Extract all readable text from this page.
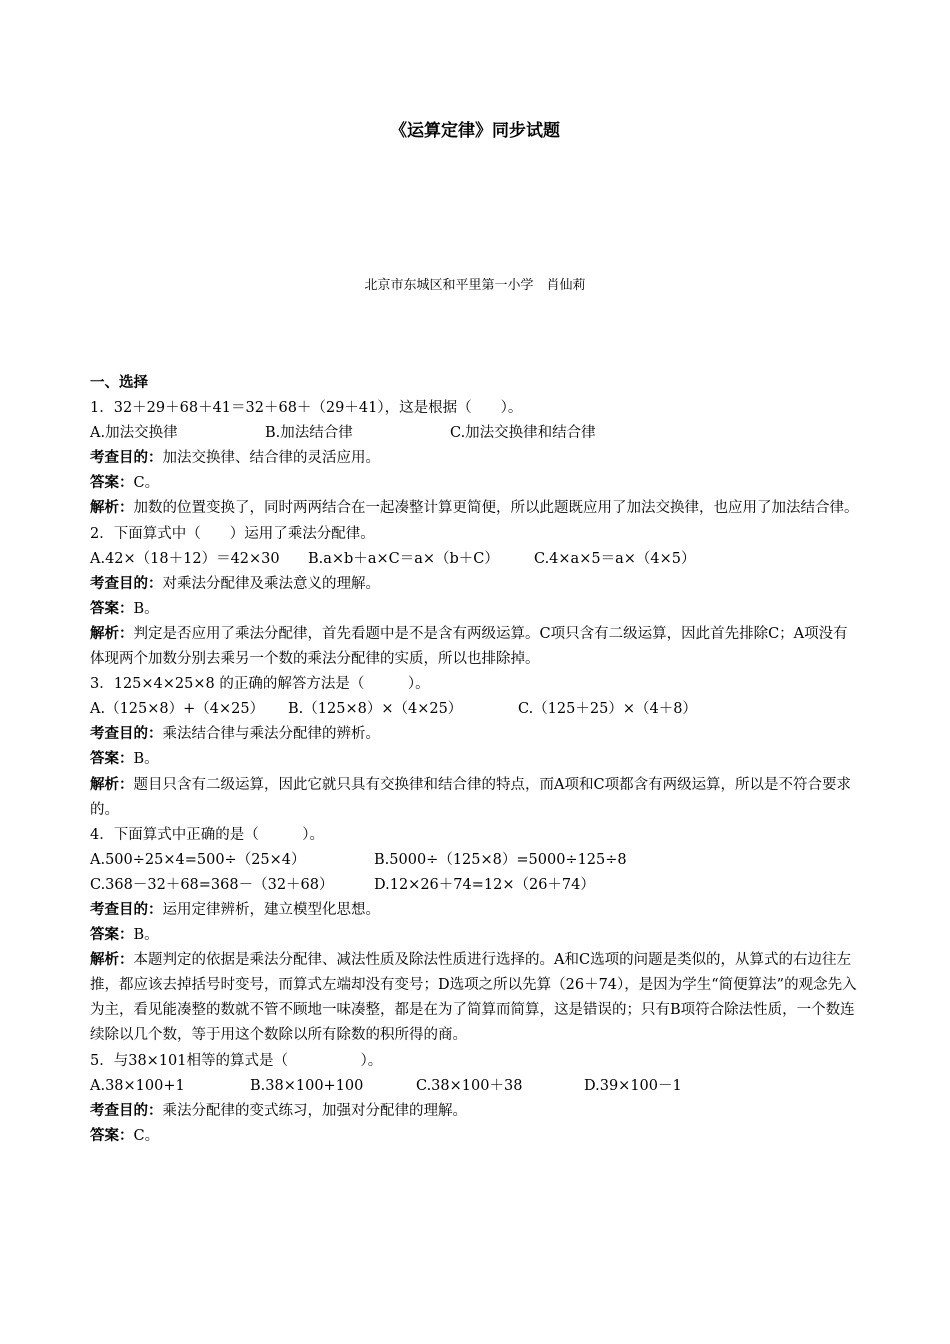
《运算定律》同步试题
北京市东城区和平里第一小学　肖仙莉
一、选择
1．32＋29＋68＋41＝32＋68＋（29＋41），这是根据（　　）。
A.加法交换律	B.加法结合律	C.加法交换律和结合律
考查目的：加法交换律、结合律的灵活应用。
答案：C。
解析：加数的位置变换了，同时两两结合在一起凑整计算更简便，所以此题既应用了加法交换律，也应用了加法结合律。
2．下面算式中（　　）运用了乘法分配律。
A.42×（18＋12）＝42×30 B.a×b＋a×C＝a×（b＋C） C.4×a×5＝a×（4×5）
考查目的：对乘法分配律及乘法意义的理解。
答案：B。
解析：判定是否应用了乘法分配律，首先看题中是不是含有两级运算。C项只含有二级运算，因此首先排除C；A项没有体现两个加数分别去乘另一个数的乘法分配律的实质，所以也排除掉。
3．125×4×25×8 的正确的解答方法是（　　　）。
A.（125×8）+（4×25） B.（125×8）×（4×25）	C.（125＋25）×（4＋8）
考查目的：乘法结合律与乘法分配律的辨析。
答案：B。
解析：题目只含有二级运算，因此它就只具有交换律和结合律的特点，而A项和C项都含有两级运算，所以是不符合要求的。
4．下面算式中正确的是（　　　）。
A.500÷25×4=500÷（25×4）	B.5000÷（125×8）=5000÷125÷8
C.368－32＋68=368－（32＋68）	D.12×26＋74=12×（26＋74）
考查目的：运用定律辨析，建立模型化思想。
答案：B。
解析：本题判定的依据是乘法分配律、减法性质及除法性质进行选择的。A和C选项的问题是类似的，从算式的右边往左推，都应该去掉括号时变号，而算式左端却没有变号；D选项之所以先算（26＋74），是因为学生“简便算法”的观念先入为主，看见能凑整的数就不管不顾地一味凑整，都是在为了简算而简算，这是错误的；只有B项符合除法性质，一个数连续除以几个数，等于用这个数除以所有除数的积所得的商。
5．与38×101相等的算式是（　　　　　）。
A.38×100+1	B.38×100+100	C.38×100＋38	D.39×100－1
考查目的：乘法分配律的变式练习，加强对分配律的理解。
答案：C。
